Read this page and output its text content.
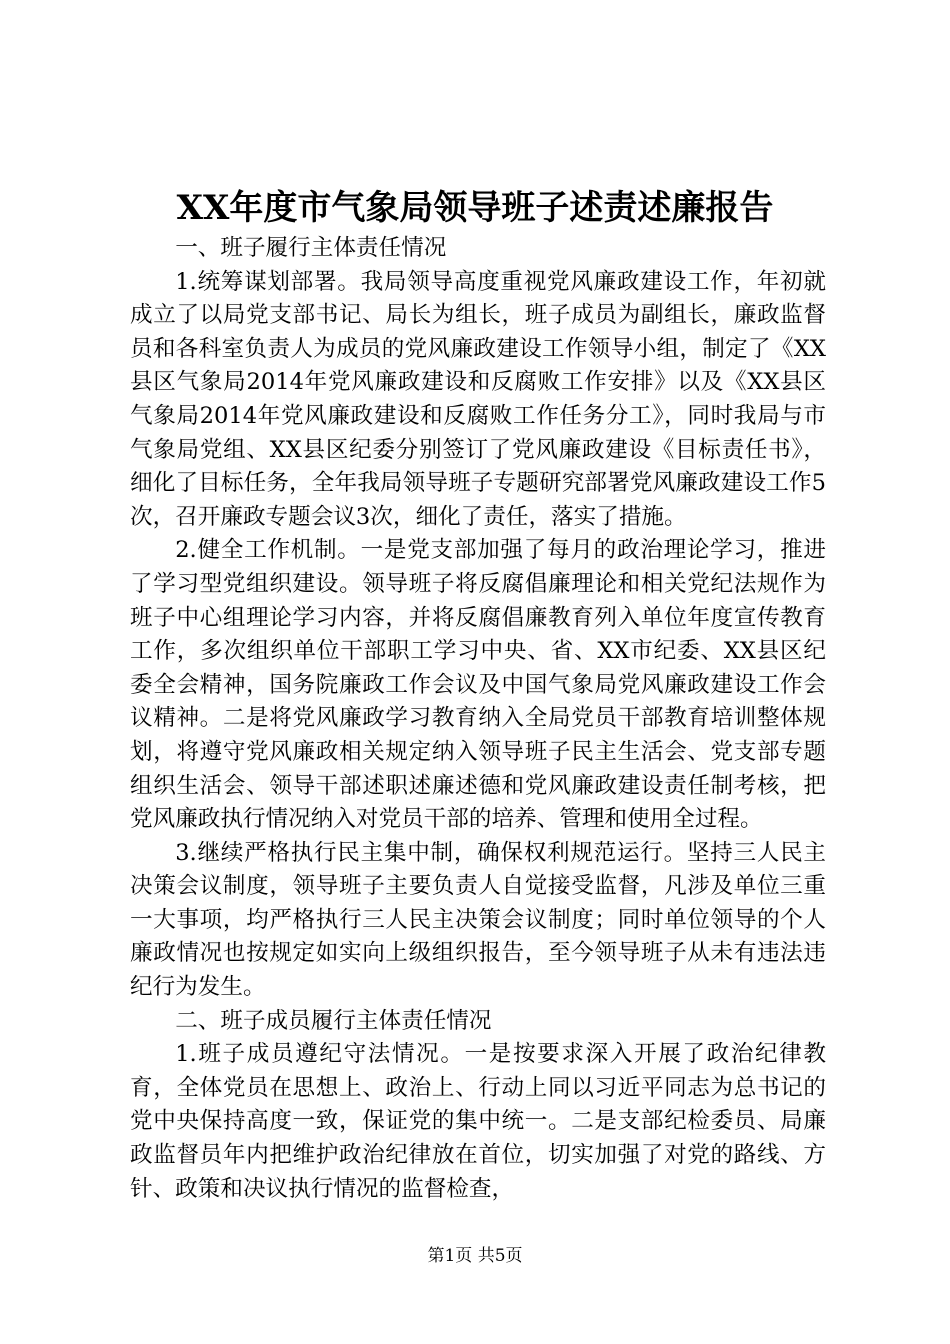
XX年度市气象局领导班子述责述廉报告

一、班子履行主体责任情况

1.统筹谋划部署。我局领导高度重视党风廉政建设工作，年初就成立了以局党支部书记、局长为组长，班子成员为副组长，廉政监督员和各科室负责人为成员的党风廉政建设工作领导小组，制定了《XX县区气象局2014年党风廉政建设和反腐败工作安排》以及《XX县区气象局2014年党风廉政建设和反腐败工作任务分工》，同时我局与市气象局党组、XX县区纪委分别签订了党风廉政建设《目标责任书》，细化了目标任务，全年我局领导班子专题研究部署党风廉政建设工作5次，召开廉政专题会议3次，细化了责任，落实了措施。

2.健全工作机制。一是党支部加强了每月的政治理论学习，推进了学习型党组织建设。领导班子将反腐倡廉理论和相关党纪法规作为班子中心组理论学习内容，并将反腐倡廉教育列入单位年度宣传教育工作，多次组织单位干部职工学习中央、省、XX市纪委、XX县区纪委全会精神，国务院廉政工作会议及中国气象局党风廉政建设工作会议精神。二是将党风廉政学习教育纳入全局党员干部教育培训整体规划，将遵守党风廉政相关规定纳入领导班子民主生活会、党支部专题组织生活会、领导干部述职述廉述德和党风廉政建设责任制考核，把党风廉政执行情况纳入对党员干部的培养、管理和使用全过程。

3.继续严格执行民主集中制，确保权利规范运行。坚持三人民主决策会议制度，领导班子主要负责人自觉接受监督，凡涉及单位三重一大事项，均严格执行三人民主决策会议制度；同时单位领导的个人廉政情况也按规定如实向上级组织报告，至今领导班子从未有违法违纪行为发生。

二、班子成员履行主体责任情况

1.班子成员遵纪守法情况。一是按要求深入开展了政治纪律教育，全体党员在思想上、政治上、行动上同以习近平同志为总书记的党中央保持高度一致，保证党的集中统一。二是支部纪检委员、局廉政监督员年内把维护政治纪律放在首位，切实加强了对党的路线、方针、政策和决议执行情况的监督检查，

第1页 共5页
